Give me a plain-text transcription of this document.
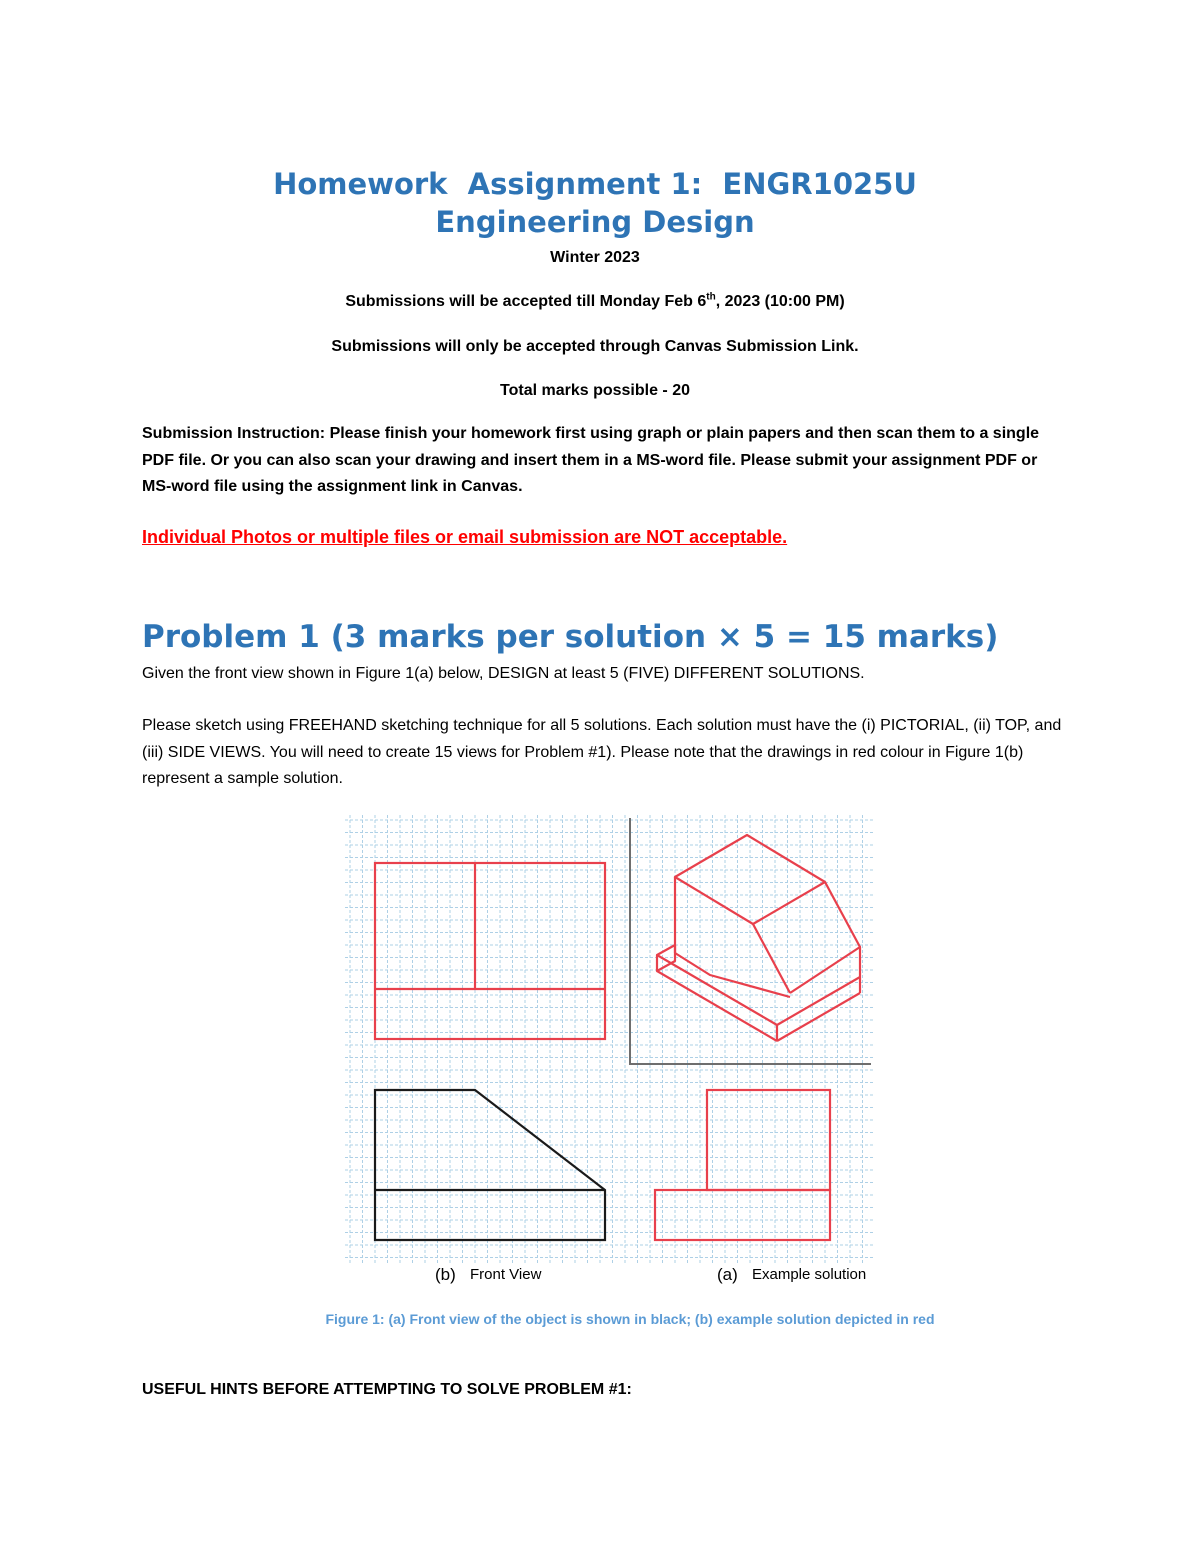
Homework  Assignment 1:  ENGR1025U
Engineering Design
Winter 2023
Submissions will be accepted till Monday Feb 6th, 2023 (10:00 PM)
Submissions will only be accepted through Canvas Submission Link.
Total marks possible - 20
Submission Instruction: Please finish your homework first using graph or plain papers and then scan them to a single PDF file. Or you can also scan your drawing and insert them in a MS-word file. Please submit your assignment PDF or MS-word file using the assignment link in Canvas.
Individual Photos or multiple files or email submission are NOT acceptable.
Problem 1 (3 marks per solution × 5 = 15 marks)
Given the front view shown in Figure 1(a) below, DESIGN at least 5 (FIVE) DIFFERENT SOLUTIONS.
Please sketch using FREEHAND sketching technique for all 5 solutions. Each solution must have the (i) PICTORIAL, (ii) TOP, and (iii) SIDE VIEWS. You will need to create 15 views for Problem #1). Please note that the drawings in red colour in Figure 1(b) represent a sample solution.
(b) Front View	(a) Example solution
Figure 1: (a) Front view of the object is shown in black; (b) example solution depicted in red
USEFUL HINTS BEFORE ATTEMPTING TO SOLVE PROBLEM #1:
